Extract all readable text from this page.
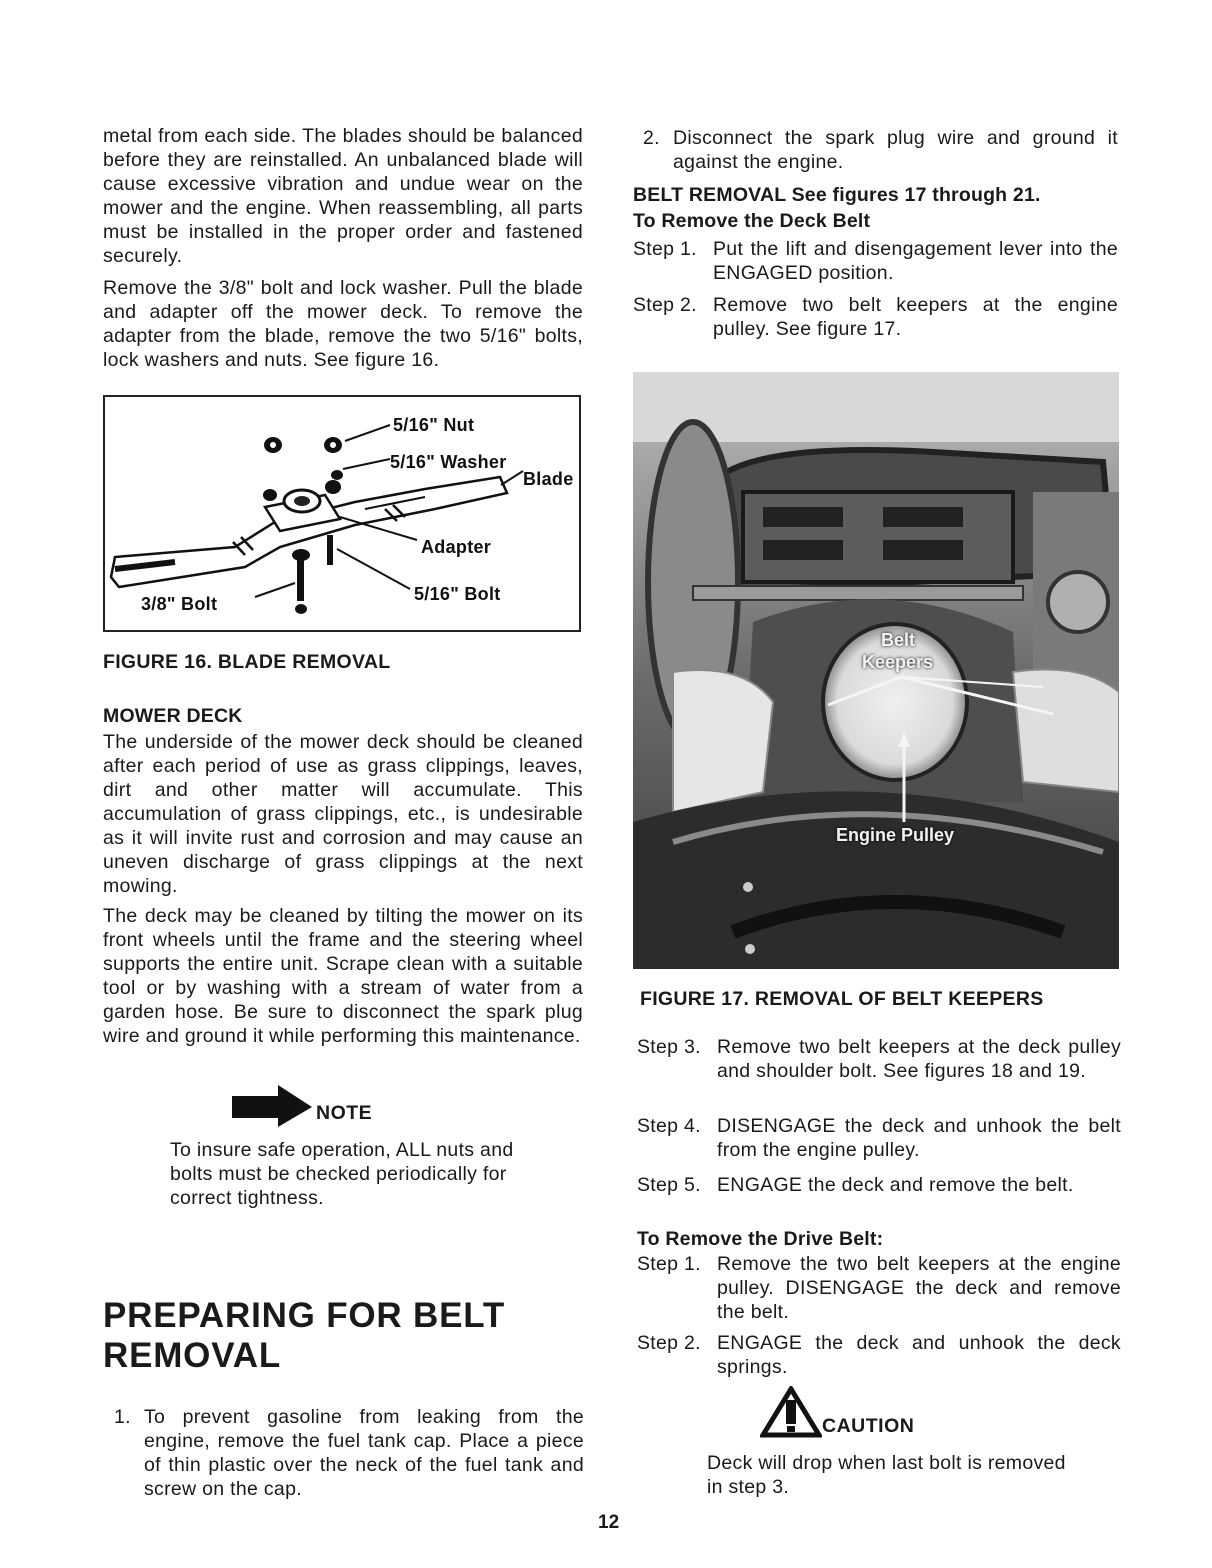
metal from each side. The blades should be balanced before they are reinstalled. An unbalanced blade will cause excessive vibration and undue wear on the mower and the engine. When reassembling, all parts must be installed in the proper order and fastened securely.

Remove the 3/8" bolt and lock washer. Pull the blade and adapter off the mower deck. To remove the adapter from the blade, remove the two 5/16" bolts, lock washers and nuts. See figure 16.

5/16" Nut
5/16" Washer
Blade
Adapter
5/16" Bolt
3/8" Bolt

FIGURE 16. BLADE REMOVAL

MOWER DECK

The underside of the mower deck should be cleaned after each period of use as grass clippings, leaves, dirt and other matter will accumulate. This accumulation of grass clippings, etc., is undesirable as it will invite rust and corrosion and may cause an uneven discharge of grass clippings at the next mowing.

The deck may be cleaned by tilting the mower on its front wheels until the frame and the steering wheel supports the entire unit. Scrape clean with a suitable tool or by washing with a stream of water from a garden hose. Be sure to disconnect the spark plug wire and ground it while performing this maintenance.

NOTE

To insure safe operation, ALL nuts and bolts must be checked periodically for correct tightness.

PREPARING FOR BELT
REMOVAL
1. To prevent gasoline from leaking from the engine, remove the fuel tank cap. Place a piece of thin plastic over the neck of the fuel tank and screw on the cap.
2. Disconnect the spark plug wire and ground it against the engine.

BELT REMOVAL See figures 17 through 21.

To Remove the Deck Belt

Step 1. Put the lift and disengagement lever into the ENGAGED position.
Step 2. Remove two belt keepers at the engine pulley. See figure 17.
Belt
Keepers
Engine Pulley

FIGURE 17. REMOVAL OF BELT KEEPERS

Step 3. Remove two belt keepers at the deck pulley and shoulder bolt. See figures 18 and 19.
Step 4. DISENGAGE the deck and unhook the belt from the engine pulley.
Step 5. ENGAGE the deck and remove the belt.

To Remove the Drive Belt:

Step 1. Remove the two belt keepers at the engine pulley. DISENGAGE the deck and remove the belt.
Step 2. ENGAGE the deck and unhook the deck springs.
CAUTION

Deck will drop when last bolt is removed in step 3.

12
